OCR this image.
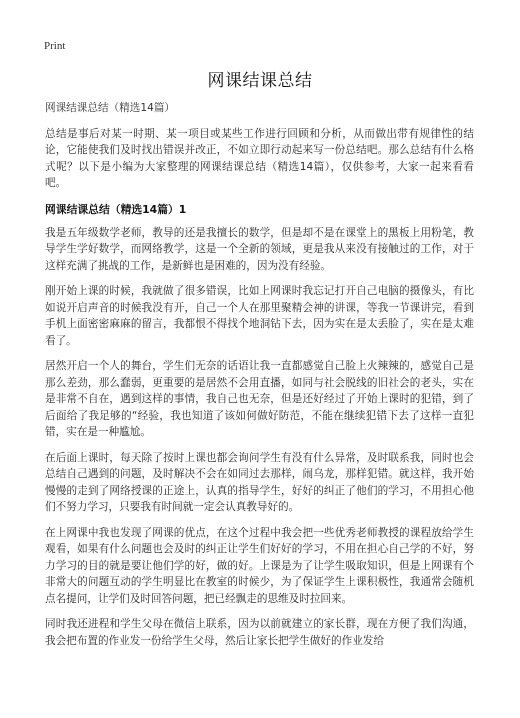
Print
网课结课总结

网课结课总结（精选14篇）

总结是事后对某一时期、某一项目或某些工作进行回顾和分析，从而做出带有规律性的结论，它能使我们及时找出错误并改正，不如立即行动起来写一份总结吧。那么总结有什么格式呢？以下是小编为大家整理的网课结课总结（精选14篇），仅供参考，大家一起来看看吧。

网课结课总结（精选14篇）1

我是五年级数学老师，教导的还是我擅长的数学，但是却不是在课堂上的黑板上用粉笔，教导学生学好数学，而网络教学，这是一个全新的领域，更是我从来没有接触过的工作，对于这样充满了挑战的工作，是新鲜也是困难的，因为没有经验。

刚开始上课的时候，我就做了很多错误，比如上网课时我忘记打开自己电脑的摄像头，有比如说开启声音的时候我没有开，自己一个人在那里聚精会神的讲课，等我一节课讲完，看到手机上面密密麻麻的留言，我都恨不得找个地洞钻下去，因为实在是太丢脸了，实在是太难看了。

居然开启一个人的舞台，学生们无奈的话语让我一直都感觉自己脸上火辣辣的，感觉自己是那么差劲，那么蠢弱，更重要的是居然不会用直播，如同与社会脱线的旧社会的老头，实在是非常不自在，遇到这样的事情，我自己也无奈，但是还好经过了开始上课时的犯错，到了后面给了我足够的“经验，我也知道了该如何做好防范，不能在继续犯错下去了这样一直犯错，实在是一种尴尬。

在后面上课时，每天除了按时上课也都会询问学生有没有什么异常，及时联系我，同时也会总结自己遇到的问题，及时解决不会在如同过去那样，闹乌龙，那样犯错。就这样，我开始慢慢的走到了网络授课的正途上，认真的指导学生，好好的纠正了他们的学习，不用担心他们不努力学习，只要我有时间就一定会认真教导好的。

在上网课中我也发现了网课的优点，在这个过程中我会把一些优秀老师教授的课程放给学生观看，如果有什么问题也会及时的纠正让学生们好好的学习，不用在担心自己学的不好，努力学习的目的就是要让他们学的好，做的好。上课是为了让学生吸取知识，但是上网课有个非常大的问题互动的学生明显比在教室的时候少，为了保证学生上课积极性，我通常会随机点名提问，让学们及时回答问题，把已经飘走的思维及时拉回来。

同时我还进程和学生父母在微信上联系，因为以前就建立的家长群，现在方便了我们沟通，我会把布置的作业发一份给学生父母，然后让家长把学生做好的作业发给
